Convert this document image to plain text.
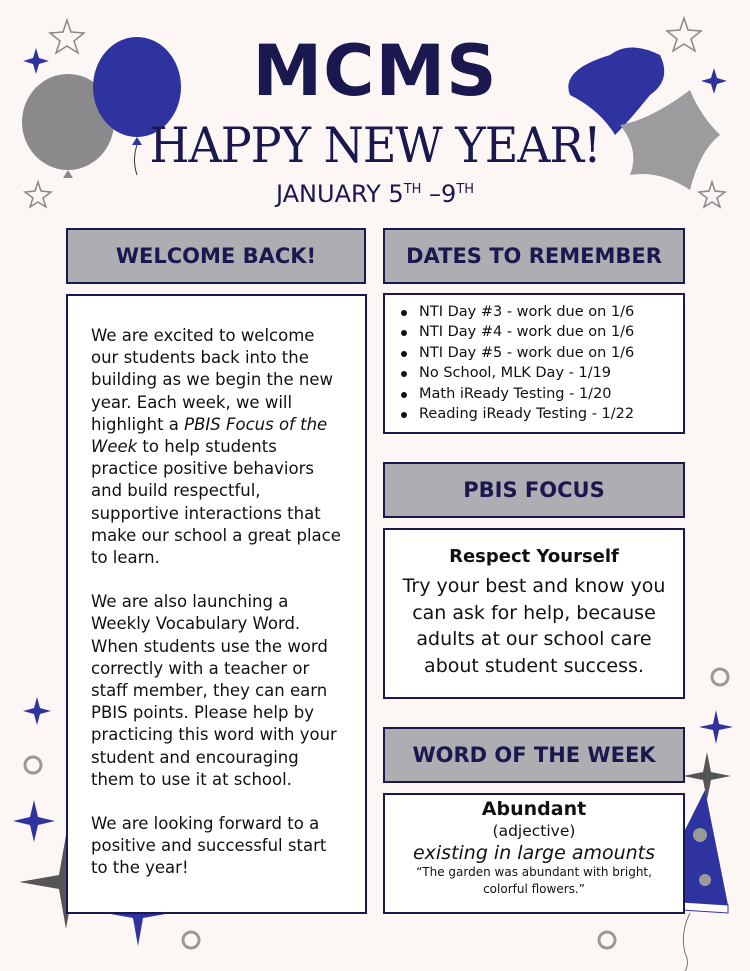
MCMS
HAPPY NEW YEAR!
JANUARY 5TH –9TH
WELCOME BACK!

We are excited to welcome our students back into the building as we begin the new year. Each week, we will highlight a PBIS Focus of the Week to help students practice positive behaviors and build respectful, supportive interactions that make our school a great place to learn.

We are also launching a Weekly Vocabulary Word. When students use the word correctly with a teacher or staff member, they can earn PBIS points. Please help by practicing this word with your student and encouraging them to use it at school.

We are looking forward to a positive and successful start to the year!

DATES TO REMEMBER
NTI Day #3 - work due on 1/6
NTI Day #4 - work due on 1/6
NTI Day #5 - work due on 1/6
No School, MLK Day - 1/19
Math iReady Testing - 1/20
Reading iReady Testing - 1/22
PBIS FOCUS
Respect Yourself
Try your best and know you can ask for help, because adults at our school care about student success.
WORD OF THE WEEK
Abundant
(adjective)
existing in large amounts
“The garden was abundant with bright, colorful flowers.”
